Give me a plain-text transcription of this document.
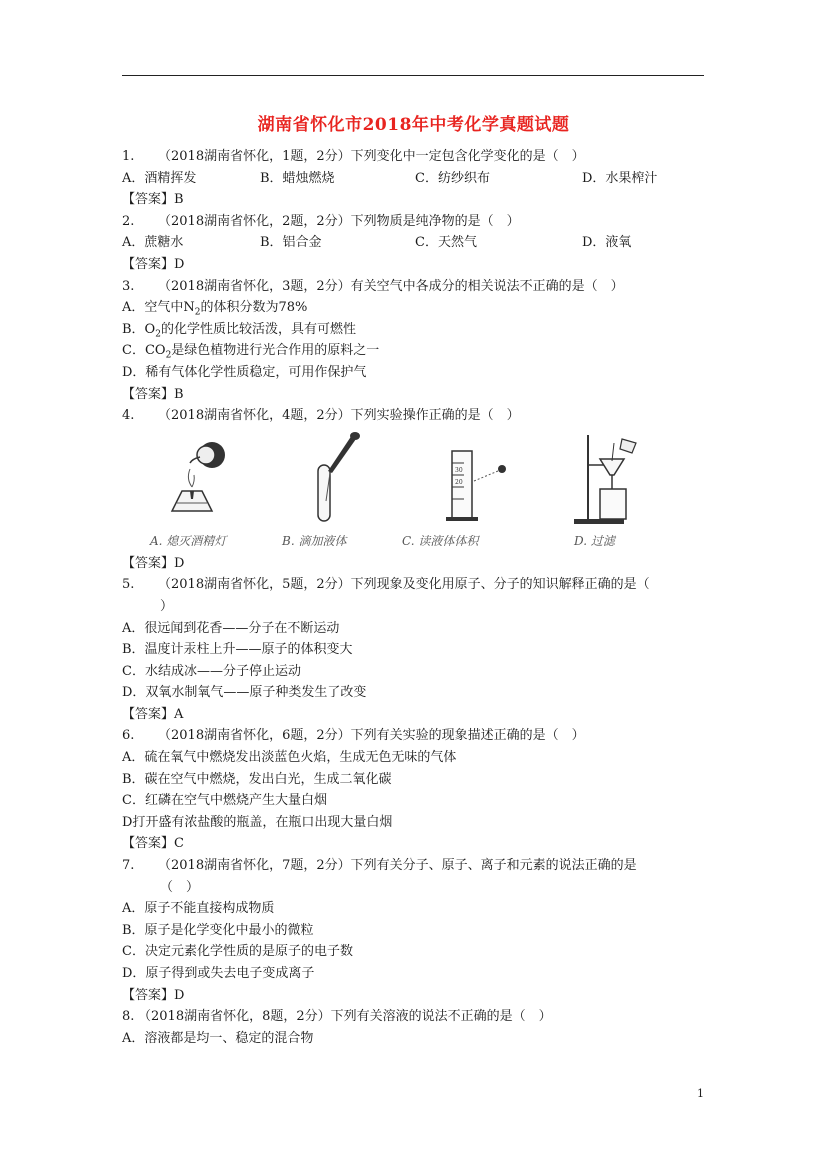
湖南省怀化市2018年中考化学真题试题
1. （2018湖南省怀化，1题，2分）下列变化中一定包含化学变化的是（　）
A．酒精挥发	B．蜡烛燃烧	C．纺纱织布	D．水果榨汁
【答案】B
2. （2018湖南省怀化，2题，2分）下列物质是纯净物的是（　）
A．蔗糖水	B．铝合金	C．天然气	D．液氧
【答案】D
3. （2018湖南省怀化，3题，2分）有关空气中各成分的相关说法不正确的是（　）
A．空气中$N_2$的体积分数为78%
B．$O_2$的化学性质比较活泼，具有可燃性
C．$CO_2$是绿色植物进行光合作用的原料之一
D．稀有气体化学性质稳定，可用作保护气
【答案】B
4. （2018湖南省怀化，4题，2分）下列实验操作正确的是（　）
A. 熄灭酒精灯	B. 滴加液体
30
20
C. 读液体体积	D. 过滤
【答案】D
5. （2018湖南省怀化，5题，2分）下列现象及变化用原子、分子的知识解释正确的是（
）
A．很远闻到花香——分子在不断运动
B．温度计汞柱上升——原子的体积变大
C．水结成冰——分子停止运动
D．双氧水制氧气——原子种类发生了改变
【答案】A
6. （2018湖南省怀化，6题，2分）下列有关实验的现象描述正确的是（　）
A．硫在氧气中燃烧发出淡蓝色火焰，生成无色无味的气体
B．碳在空气中燃烧，发出白光，生成二氧化碳
C．红磷在空气中燃烧产生大量白烟
D打开盛有浓盐酸的瓶盖，在瓶口出现大量白烟
【答案】C
7. （2018湖南省怀化，7题，2分）下列有关分子、原子、离子和元素的说法正确的是
（　）
A．原子不能直接构成物质
B．原子是化学变化中最小的微粒
C．决定元素化学性质的是原子的电子数
D．原子得到或失去电子变成离子
【答案】D
8. （2018湖南省怀化，8题，2分）下列有关溶液的说法不正确的是（　）
A．溶液都是均一、稳定的混合物
1
